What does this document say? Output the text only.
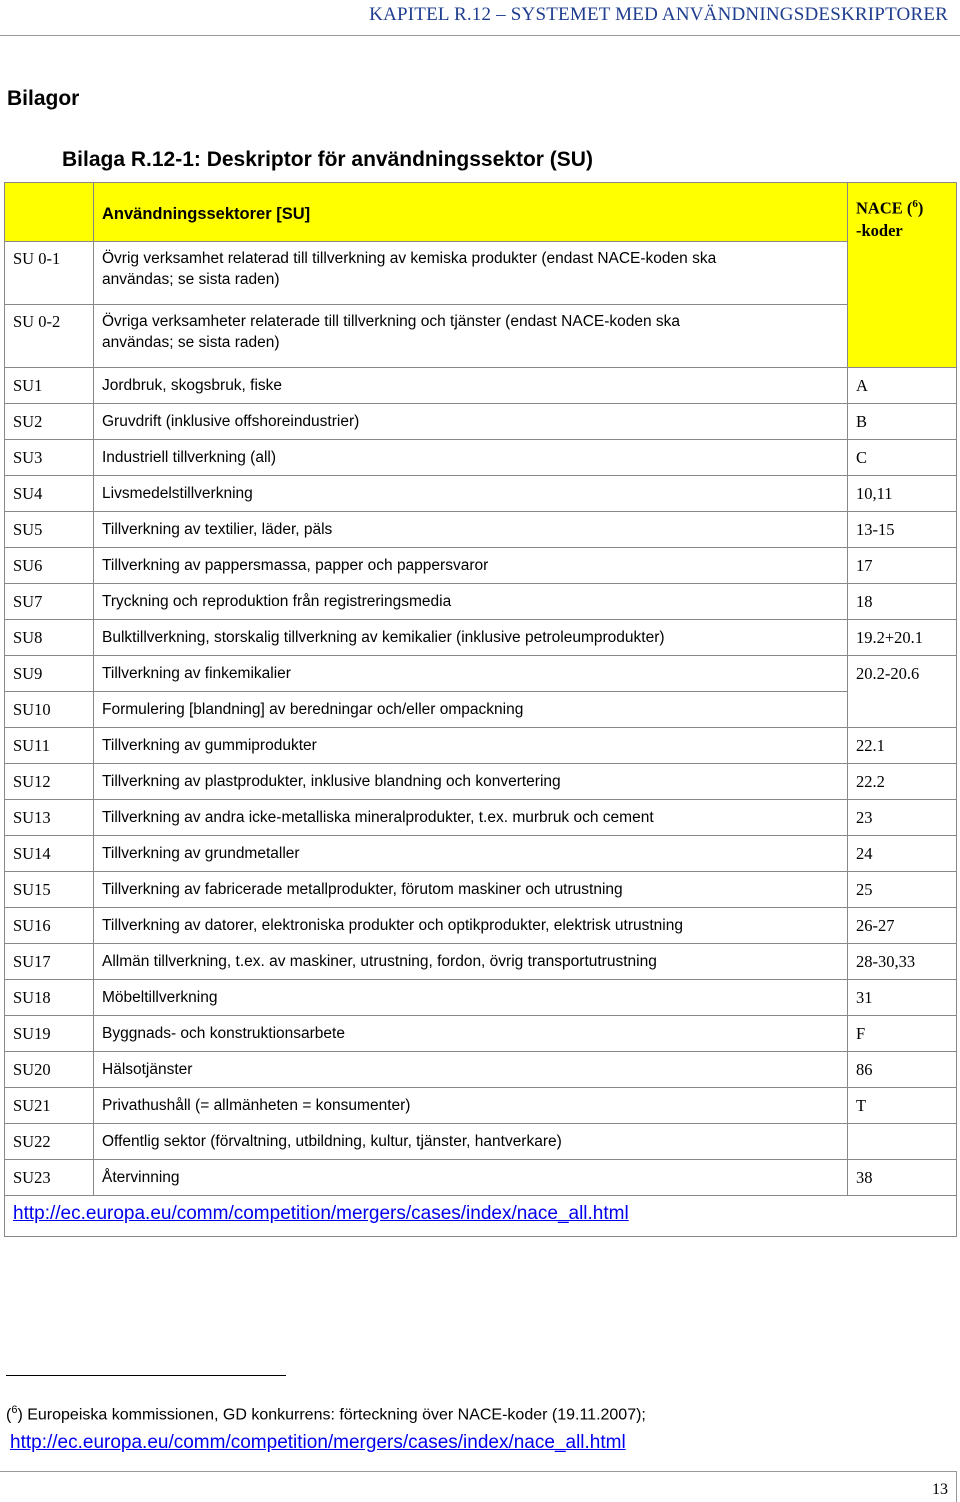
KAPITEL R.12 – SYSTEMET MED ANVÄNDNINGSDESKRIPTORER
Bilagor
Bilaga R.12-1: Deskriptor för användningssektor (SU)
	Användningssektorer [SU]	NACE ($^6$)
-koder
SU 0-1	Övrig verksamhet relaterad till tillverkning av kemiska produkter (endast NACE-koden ska
användas; se sista raden)	
SU 0-2	Övriga verksamheter relaterade till tillverkning och tjänster (endast NACE-koden ska
användas; se sista raden)	
SU1	Jordbruk, skogsbruk, fiske	A
SU2	Gruvdrift (inklusive offshoreindustrier)	B
SU3	Industriell tillverkning (all)	C
SU4	Livsmedelstillverkning	10,11
SU5	Tillverkning av textilier, läder, päls	13-15
SU6	Tillverkning av pappersmassa, papper och pappersvaror	17
SU7	Tryckning och reproduktion från registreringsmedia	18
SU8	Bulktillverkning, storskalig tillverkning av kemikalier (inklusive petroleumprodukter)	19.2+20.1
SU9	Tillverkning av finkemikalier	20.2-20.6
SU10	Formulering [blandning] av beredningar och/eller ompackning	
SU11	Tillverkning av gummiprodukter	22.1
SU12	Tillverkning av plastprodukter, inklusive blandning och konvertering	22.2
SU13	Tillverkning av andra icke-metalliska mineralprodukter, t.ex. murbruk och cement	23
SU14	Tillverkning av grundmetaller	24
SU15	Tillverkning av fabricerade metallprodukter, förutom maskiner och utrustning	25
SU16	Tillverkning av datorer, elektroniska produkter och optikprodukter, elektrisk utrustning	26-27
SU17	Allmän tillverkning, t.ex. av maskiner, utrustning, fordon, övrig transportutrustning	28-30,33
SU18	Möbeltillverkning	31
SU19	Byggnads- och konstruktionsarbete	F
SU20	Hälsotjänster	86
SU21	Privathushåll (= allmänheten = konsumenter)	T
SU22	Offentlig sektor (förvaltning, utbildning, kultur, tjänster, hantverkare)	
SU23	Återvinning	38
http://ec.europa.eu/comm/competition/mergers/cases/index/nace_all.html		
($^6$) Europeiska kommissionen, GD konkurrens: förteckning över NACE-koder (19.11.2007);
http://ec.europa.eu/comm/competition/mergers/cases/index/nace_all.html
13
